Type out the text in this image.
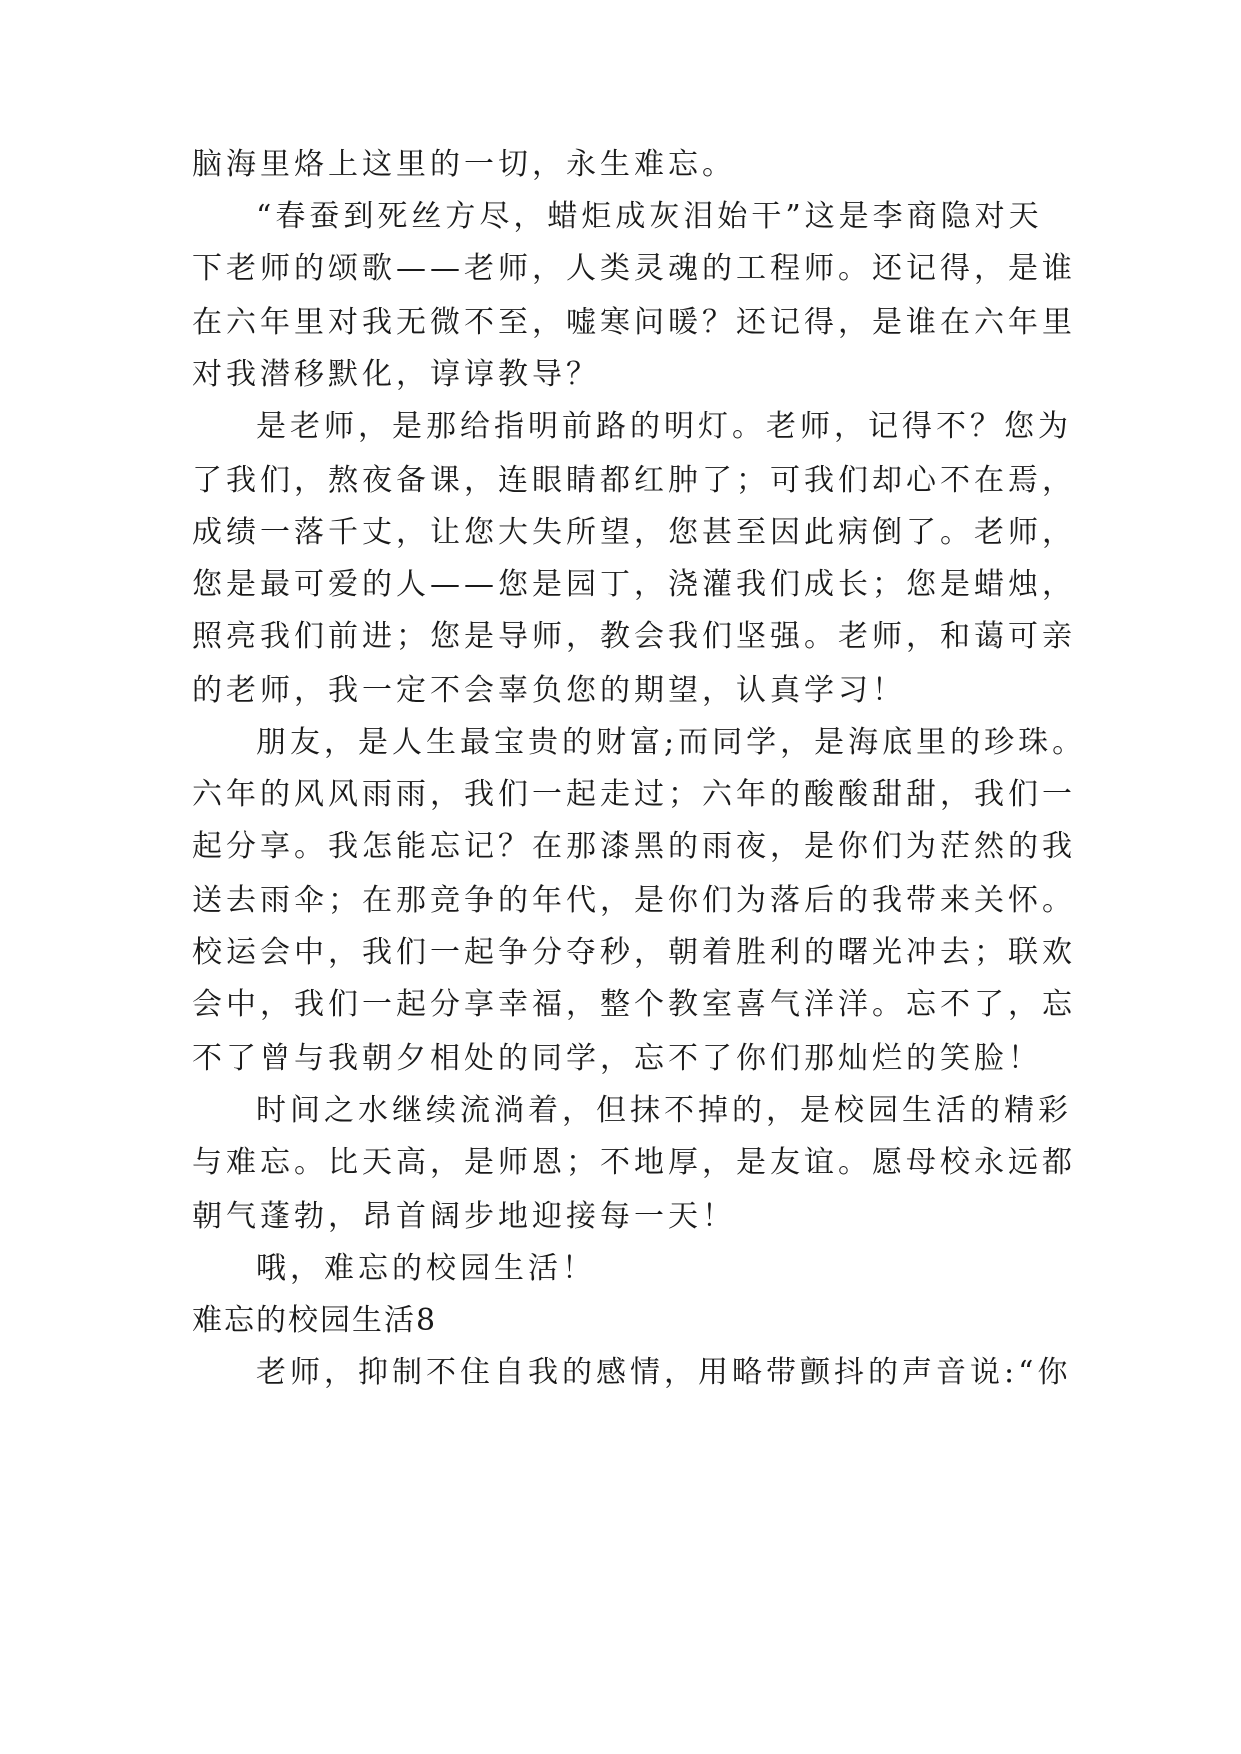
脑海里烙上这里的一切，永生难忘。

“春蚕到死丝方尽，蜡炬成灰泪始干”这是李商隐对天

下老师的颂歌——老师，人类灵魂的工程师。还记得，是谁

在六年里对我无微不至，嘘寒问暖？还记得，是谁在六年里

对我潜移默化，谆谆教导？

是老师，是那给指明前路的明灯。老师，记得不？您为

了我们，熬夜备课，连眼睛都红肿了；可我们却心不在焉，

成绩一落千丈，让您大失所望，您甚至因此病倒了。老师，

您是最可爱的人——您是园丁，浇灌我们成长；您是蜡烛，

照亮我们前进；您是导师，教会我们坚强。老师，和蔼可亲

的老师，我一定不会辜负您的期望，认真学习！

朋友，是人生最宝贵的财富;而同学，是海底里的珍珠。

六年的风风雨雨，我们一起走过；六年的酸酸甜甜，我们一

起分享。我怎能忘记？在那漆黑的雨夜，是你们为茫然的我

送去雨伞；在那竞争的年代，是你们为落后的我带来关怀。

校运会中，我们一起争分夺秒，朝着胜利的曙光冲去；联欢

会中，我们一起分享幸福，整个教室喜气洋洋。忘不了，忘

不了曾与我朝夕相处的同学，忘不了你们那灿烂的笑脸！

时间之水继续流淌着，但抹不掉的，是校园生活的精彩

与难忘。比天高，是师恩；不地厚，是友谊。愿母校永远都

朝气蓬勃，昂首阔步地迎接每一天！

哦，难忘的校园生活！

难忘的校园生活8

老师，抑制不住自我的感情，用略带颤抖的声音说:“你
